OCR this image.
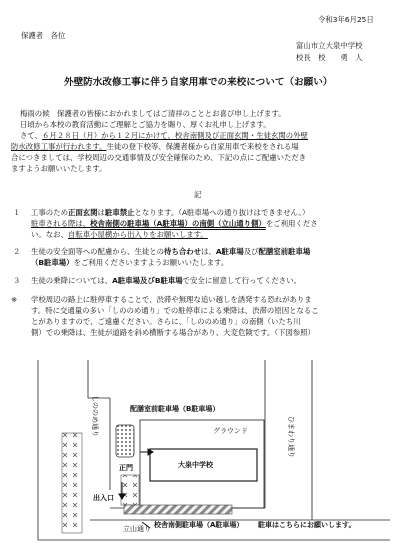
令和3年6月25日
保護者　各位
富山市立大泉中学校
校長　校　　勇　人
外壁防水改修工事に伴う自家用車での来校について（お願い）
梅雨の候　保護者の皆様におかれましてはご清祥のこととお喜び申し上げます。
日頃から本校の教育活動にご理解とご協力を賜り、厚くお礼申し上げます。
さて、６月２８日（月）から１２月にかけて、校舎南側及び正面玄関・生徒玄関の外壁
防水改修工事が行われます。生徒の登下校等、保護者様から自家用車で来校をされる場
合につきましては、学校周辺の交通事情及び安全確保のため、下記の点にご配慮いただき
ますようお願いいたします。
記
１ 工事のため正面玄関は駐車禁止となります。（A駐車場への通り抜けはできません。）
駐車される際は、校舎南側の駐車場（A駐車場）の南側（立山通り側）をご利用くださ
い。なお、自転車小屋横から出入りをお願いします。
２ 生徒の安全面等への配慮から、生徒との待ち合わせは、A駐車場及び配膳室前駐車場
（B駐車場）をご利用くださいますようお願いいたします。
３ 生徒の乗降については、A駐車場及びB駐車場で安全に留意して行ってください。
※ 学校周辺の路上に駐停車することで、渋滞や無理な追い越しを誘発する恐れがありま
す。特に交通量の多い「しののめ通り」での駐停車による乗降は、渋滞の原因となるこ
とがありますので、ご遠慮ください。さらに、「しののめ通り」の南側（いたち川
側）での乗降は、生徒が道路を斜め横断する場合があり、大変危険です。（下図参照）
しののめ通り	ひまわり通り
立山通り
配膳室前駐車場（B駐車場）
グラウンド
大泉中学校
正門
出入口
校舎南側駐車場（A駐車場） 駐車はこちらにお願いします。
